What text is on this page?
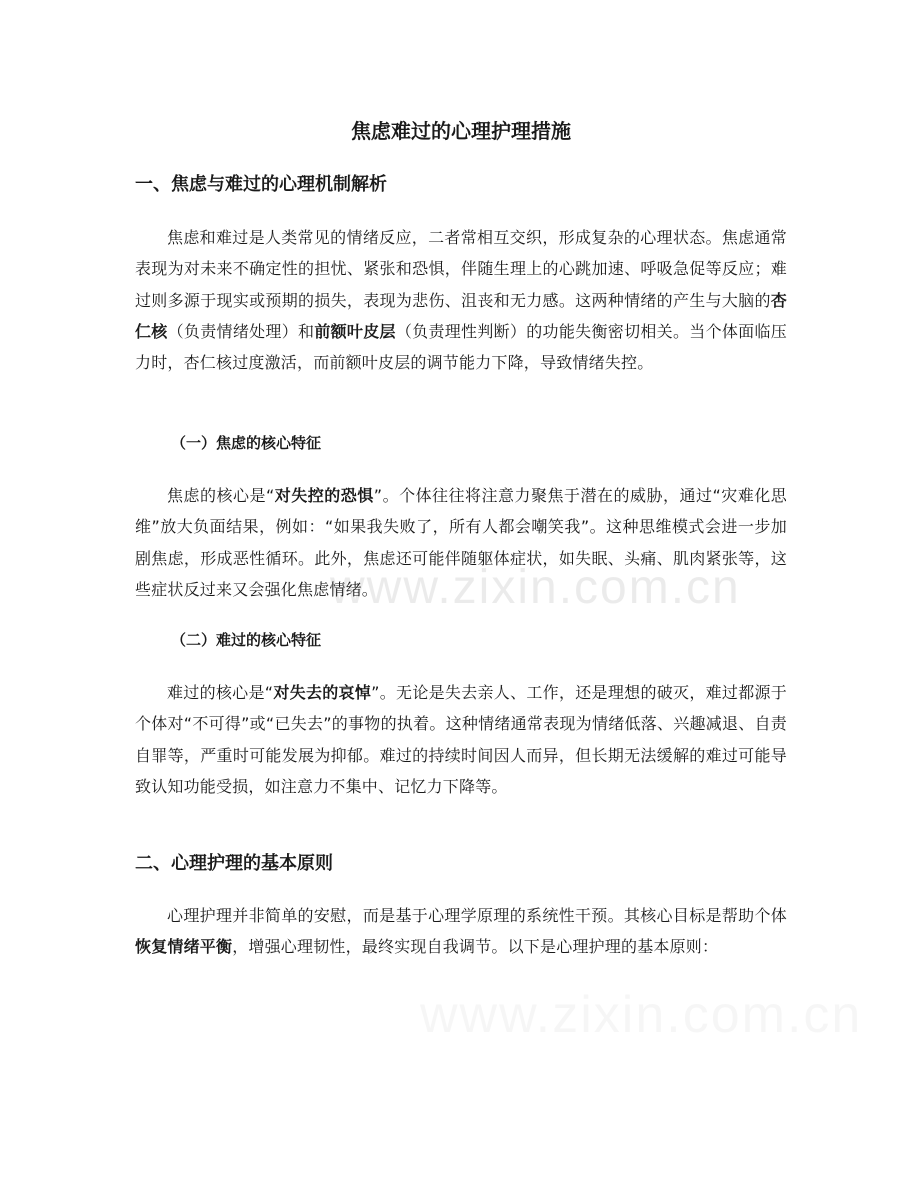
焦虑难过的心理护理措施
一、焦虑与难过的心理机制解析

焦虑和难过是人类常见的情绪反应，二者常相互交织，形成复杂的心理状态。焦虑通常表现为对未来不确定性的担忧、紧张和恐惧，伴随生理上的心跳加速、呼吸急促等反应；难过则多源于现实或预期的损失，表现为悲伤、沮丧和无力感。这两种情绪的产生与大脑的杏仁核（负责情绪处理）和前额叶皮层（负责理性判断）的功能失衡密切相关。当个体面临压力时，杏仁核过度激活，而前额叶皮层的调节能力下降，导致情绪失控。

（一）焦虑的核心特征

焦虑的核心是“对失控的恐惧”。个体往往将注意力聚焦于潜在的威胁，通过“灾难化思维”放大负面结果，例如：“如果我失败了，所有人都会嘲笑我”。这种思维模式会进一步加剧焦虑，形成恶性循环。此外，焦虑还可能伴随躯体症状，如失眠、头痛、肌肉紧张等，这些症状反过来又会强化焦虑情绪。

（二）难过的核心特征

难过的核心是“对失去的哀悼”。无论是失去亲人、工作，还是理想的破灭，难过都源于个体对“不可得”或“已失去”的事物的执着。这种情绪通常表现为情绪低落、兴趣减退、自责自罪等，严重时可能发展为抑郁。难过的持续时间因人而异，但长期无法缓解的难过可能导致认知功能受损，如注意力不集中、记忆力下降等。

二、心理护理的基本原则

心理护理并非简单的安慰，而是基于心理学原理的系统性干预。其核心目标是帮助个体恢复情绪平衡，增强心理韧性，最终实现自我调节。以下是心理护理的基本原则：

www.zixin.com.cn
